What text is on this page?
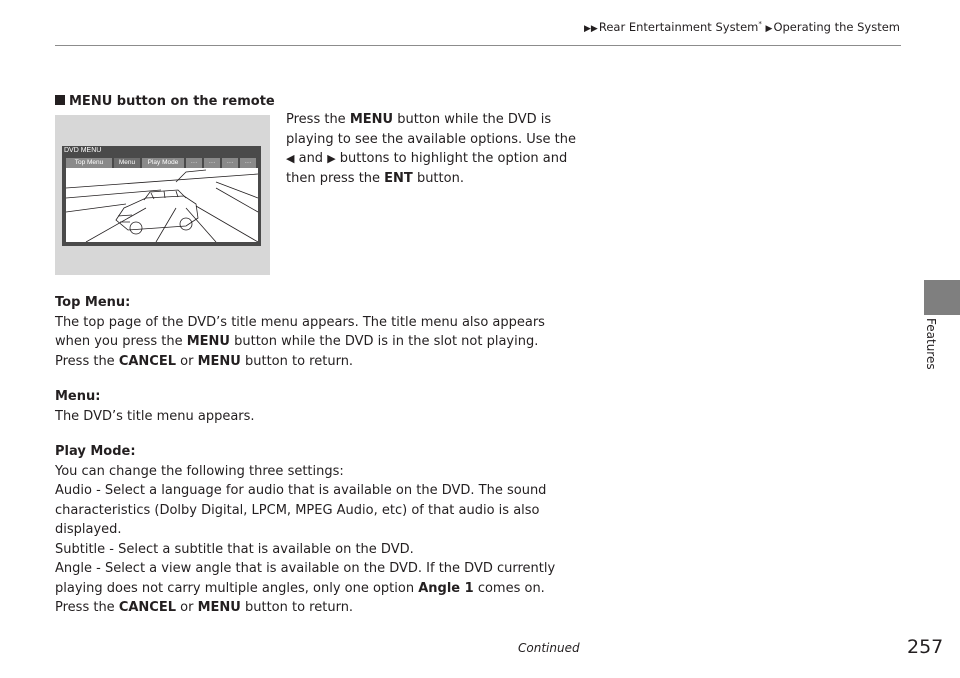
▶▶Rear Entertainment System* ▶Operating the System
Features
MENU button on the remote
Press the MENU button while the DVD is playing to see the available options. Use the ◀ and ▶ buttons to highlight the option and then press the ENT button.
DVD MENU
Top Menu	Menu	Play Mode	···	···	···	···
Top Menu:
The top page of the DVD’s title menu appears. The title menu also appears when you press the MENU button while the DVD is in the slot not playing. Press the CANCEL or MENU button to return.
Menu:
The DVD’s title menu appears.
Play Mode:
You can change the following three settings:
Audio - Select a language for audio that is available on the DVD. The sound characteristics (Dolby Digital, LPCM, MPEG Audio, etc) of that audio is also displayed.
Subtitle - Select a subtitle that is available on the DVD.
Angle - Select a view angle that is available on the DVD. If the DVD currently playing does not carry multiple angles, only one option Angle 1 comes on. Press the CANCEL or MENU button to return.
Continued	257
